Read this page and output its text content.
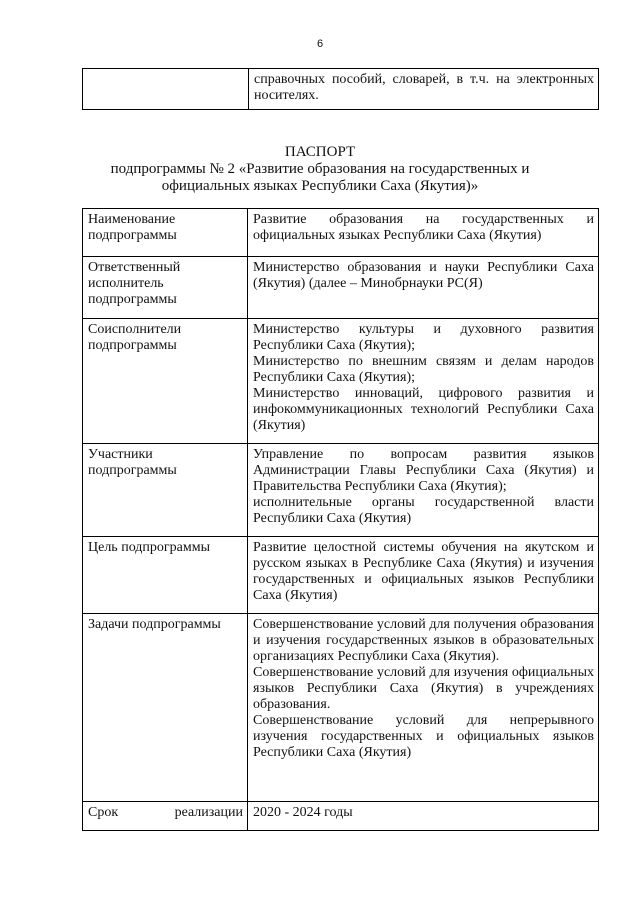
6
	справочных пособий, словарей, в т.ч. на электронных носителях.
ПАСПОРТ
подпрограммы № 2 «Развитие образования на государственных и
официальных языках Республики Саха (Якутия)»
Наименование подпрограммы	Развитие образования на государственных и официальных языках Республики Саха (Якутия)

Ответственный исполнитель подпрограммы	Министерство образования и науки Республики Саха (Якутия) (далее – Минобрнауки РС(Я)

Соисполнители подпрограммы	Министерство культуры и духовного развития Республики Саха (Якутия);
Министерство по внешним связям и делам народов Республики Саха (Якутия);
Министерство инноваций, цифрового развития и инфокоммуникационных технологий Республики Саха (Якутия)

Участники подпрограммы	Управление по вопросам развития языков Администрации Главы Республики Саха (Якутия) и Правительства Республики Саха (Якутия);
исполнительные органы государственной власти Республики Саха (Якутия)

Цель подпрограммы	Развитие целостной системы обучения на якутском и русском языках в Республике Саха (Якутия) и изучения государственных и официальных языков Республики Саха (Якутия)

Задачи подпрограммы	Совершенствование условий для получения образования и изучения государственных языков в образовательных организациях Республики Саха (Якутия).
Совершенствование условий для изучения официальных языков Республики Саха (Якутия) в учреждениях образования.
Совершенствование условий для непрерывного изучения государственных и официальных языков Республики Саха (Якутия)

Срок реализации	2020 - 2024 годы
